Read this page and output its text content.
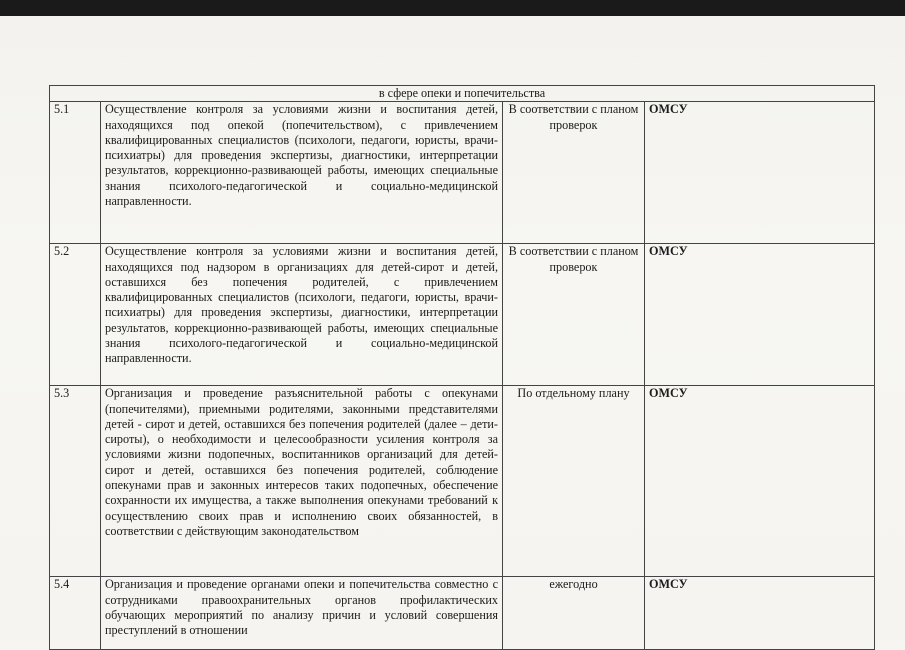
в сфере опеки и попечительства			
5.1	Осуществление контроля за условиями жизни и воспитания детей, находящихся под опекой (попечительством), с привлечением квалифицированных специалистов (психологи, педагоги, юристы, врачи-психиатры) для проведения экспертизы, диагностики, интерпретации результатов, коррекционно-развивающей работы, имеющих специальные знания психолого-педагогической и социально-медицинской направленности.	В соответствии с планом проверок	ОМСУ
5.2	Осуществление контроля за условиями жизни и воспитания детей, находящихся под надзором в организациях для детей-сирот и детей, оставшихся без попечения родителей, с привлечением квалифицированных специалистов (психологи, педагоги, юристы, врачи-психиатры) для проведения экспертизы, диагностики, интерпретации результатов, коррекционно-развивающей работы, имеющих специальные знания психолого-педагогической и социально-медицинской направленности.	В соответствии с планом проверок	ОМСУ
5.3	Организация и проведение разъяснительной работы с опекунами (попечителями), приемными родителями, законными представителями детей - сирот и детей, оставшихся без попечения родителей (далее – дети-сироты), о необходимости и целесообразности усиления контроля за условиями жизни подопечных, воспитанников организаций для детей-сирот и детей, оставшихся без попечения родителей, соблюдение опекунами прав и законных интересов таких подопечных, обеспечение сохранности их имущества, а также выполнения опекунами требований к осуществлению своих прав и исполнению своих обязанностей, в соответствии с действующим законодательством	По отдельному плану	ОМСУ
5.4	Организация и проведение органами опеки и попечительства совместно с сотрудниками правоохранительных органов профилактических обучающих мероприятий по анализу причин и условий совершения преступлений в отношении	ежегодно	ОМСУ
